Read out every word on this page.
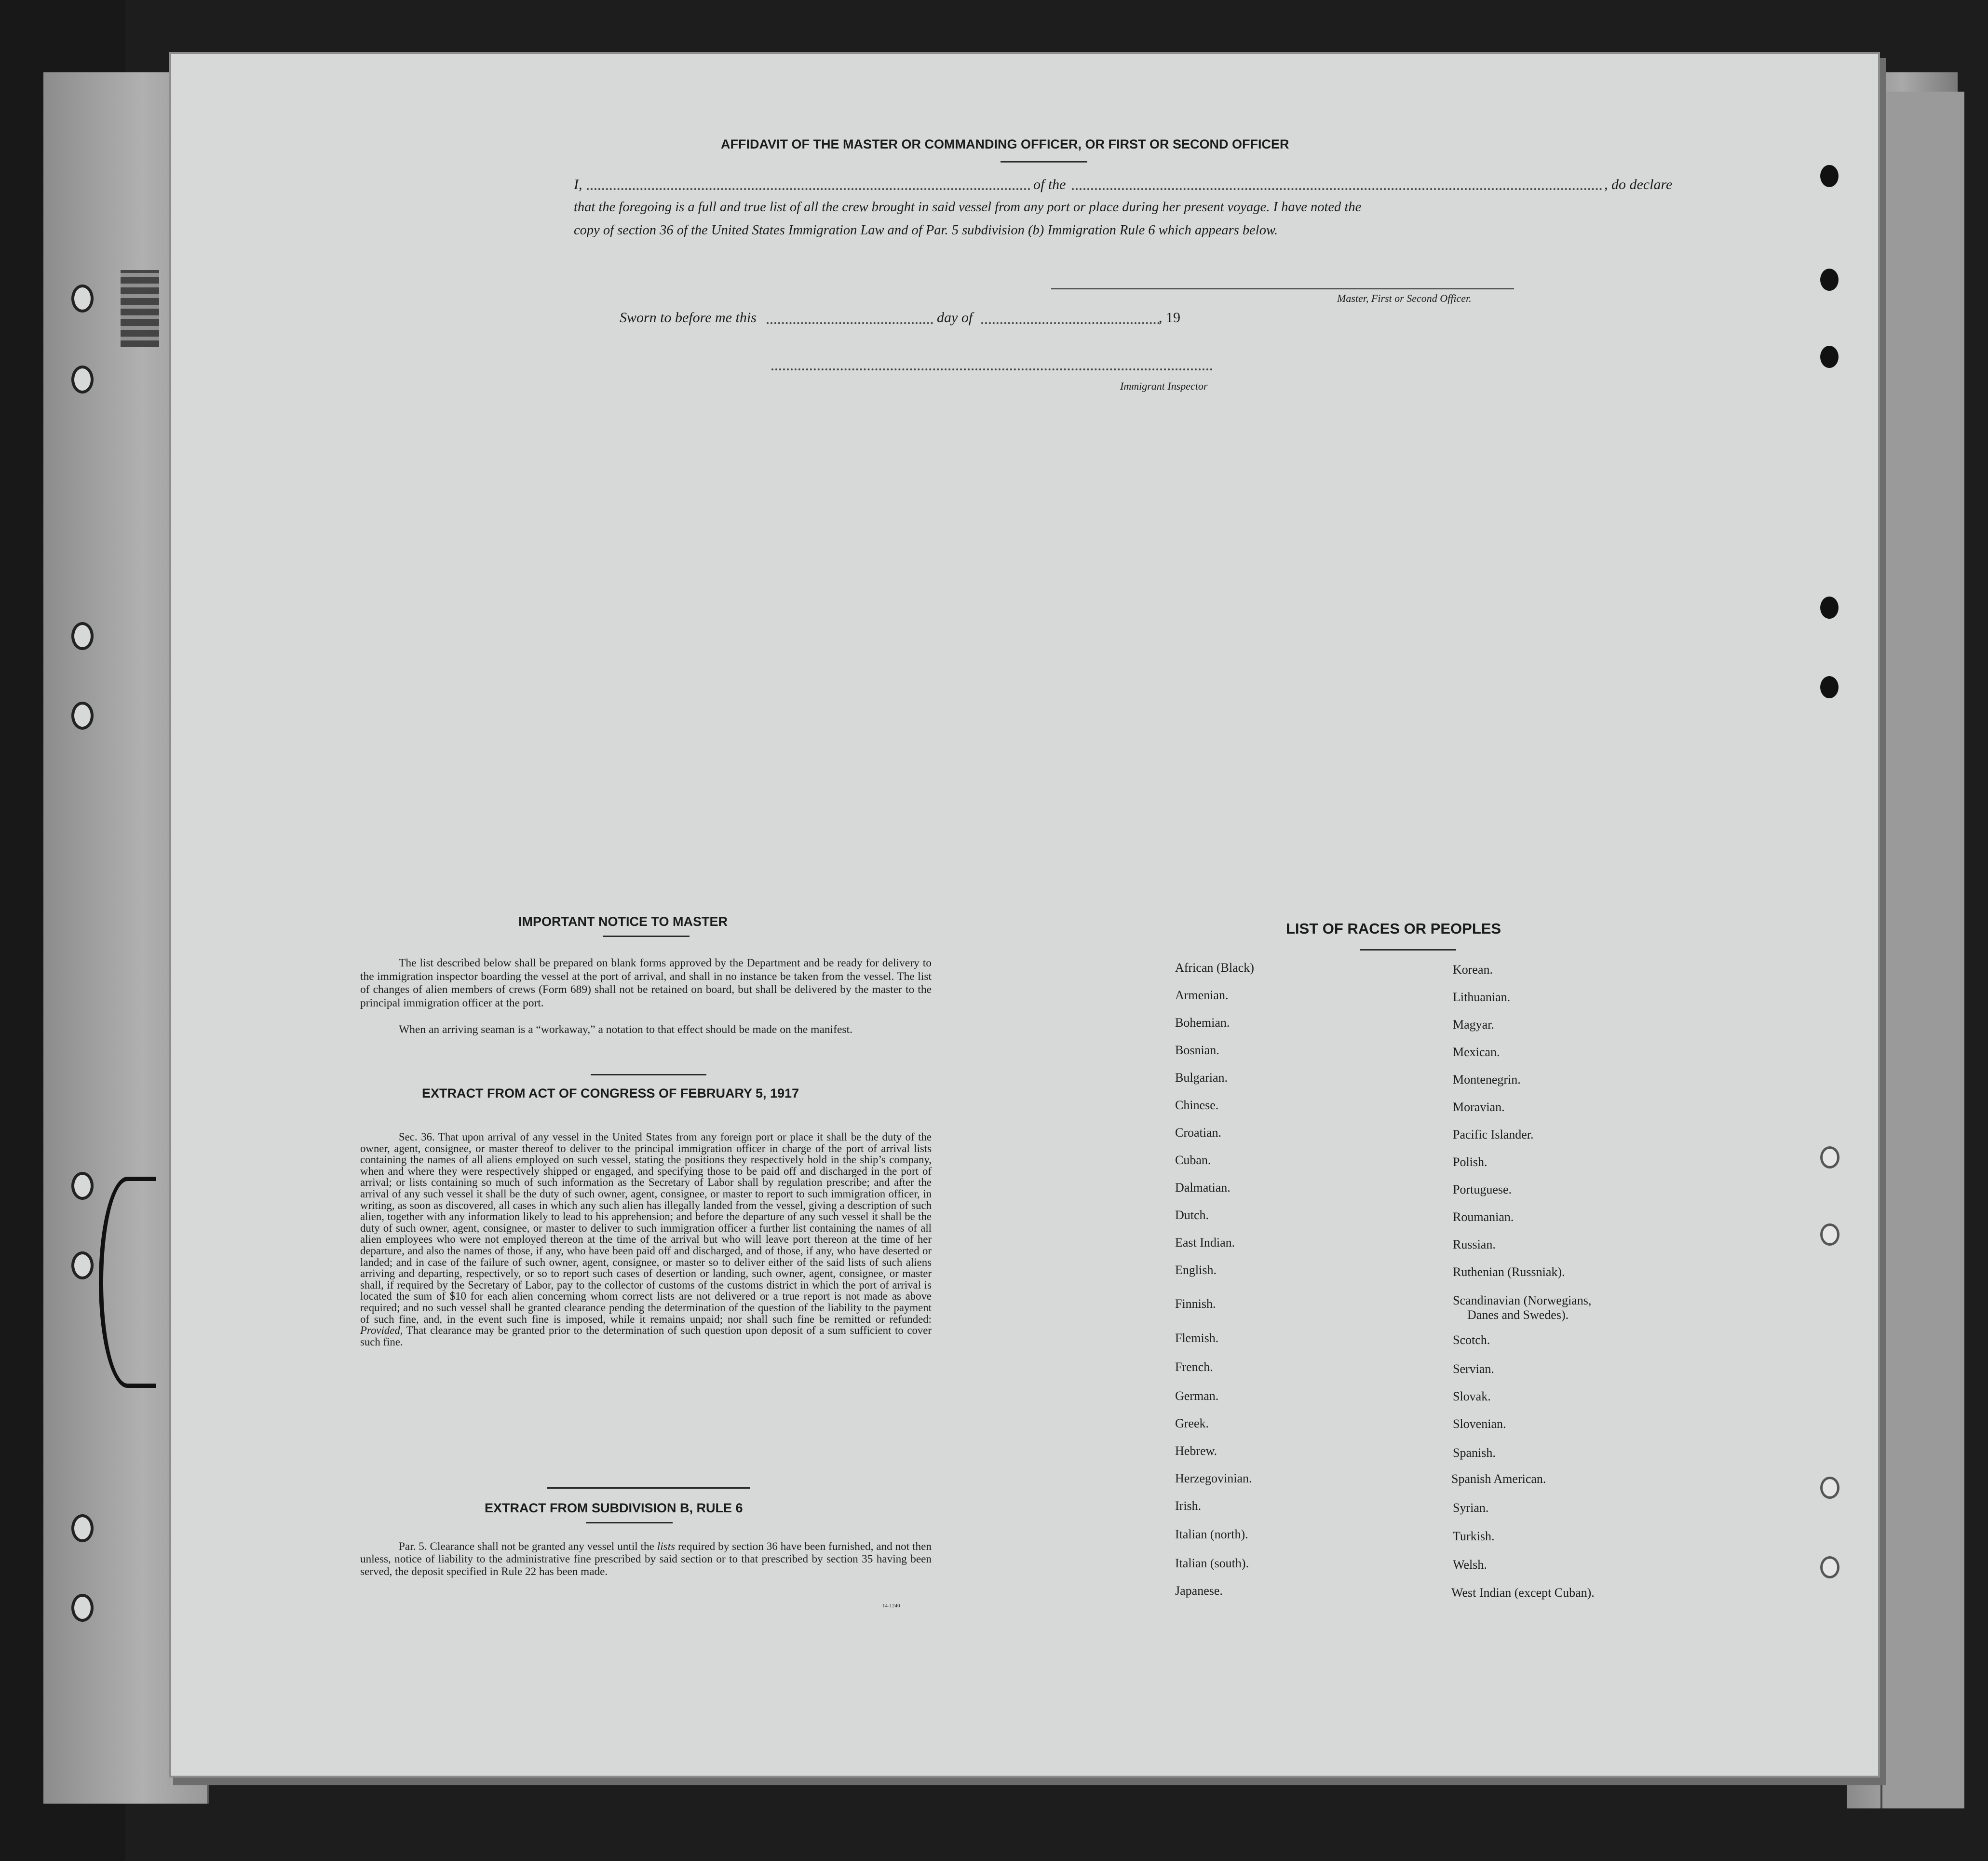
AFFIDAVIT OF THE MASTER OR COMMANDING OFFICER, OR FIRST OR SECOND OFFICER
I,	of the	, do declare
that the foregoing is a full and true list of all the crew brought in said vessel from any port or place during her present voyage. I have noted the
copy of section 36 of the United States Immigration Law and of Par. 5 subdivision (b) Immigration Rule 6 which appears below.
Master, First or Second Officer.
Sworn to before me this	day of	, 19
Immigrant Inspector
IMPORTANT NOTICE TO MASTER
The list described below shall be prepared on blank forms approved by the Department and be ready for delivery to the immigration inspector boarding the vessel at the port of arrival, and shall in no instance be taken from the vessel. The list of changes of alien members of crews (Form 689) shall not be retained on board, but shall be delivered by the master to the principal immigration officer at the port.
When an arriving seaman is a “workaway,” a notation to that effect should be made on the manifest.
EXTRACT FROM ACT OF CONGRESS OF FEBRUARY 5, 1917
Sec. 36. That upon arrival of any vessel in the United States from any foreign port or place it shall be the duty of the owner, agent, consignee, or master thereof to deliver to the principal immigration officer in charge of the port of arrival lists containing the names of all aliens employed on such vessel, stating the positions they respectively hold in the ship’s company, when and where they were respectively shipped or engaged, and specifying those to be paid off and discharged in the port of arrival; or lists containing so much of such information as the Secretary of Labor shall by regulation prescribe; and after the arrival of any such vessel it shall be the duty of such owner, agent, consignee, or master to report to such immigration officer, in writing, as soon as discovered, all cases in which any such alien has illegally landed from the vessel, giving a description of such alien, together with any information likely to lead to his apprehension; and before the departure of any such vessel it shall be the duty of such owner, agent, consignee, or master to deliver to such immigration officer a further list containing the names of all alien employees who were not employed thereon at the time of the arrival but who will leave port thereon at the time of her departure, and also the names of those, if any, who have been paid off and discharged, and of those, if any, who have deserted or landed; and in case of the failure of such owner, agent, consignee, or master so to deliver either of the said lists of such aliens arriving and departing, respectively, or so to report such cases of desertion or landing, such owner, agent, consignee, or master shall, if required by the Secretary of Labor, pay to the collector of customs of the customs district in which the port of arrival is located the sum of $10 for each alien concerning whom correct lists are not delivered or a true report is not made as above required; and no such vessel shall be granted clearance pending the determination of the question of the liability to the payment of such fine, and, in the event such fine is imposed, while it remains unpaid; nor shall such fine be remitted or refunded: Provided, That clearance may be granted prior to the determination of such question upon deposit of a sum sufficient to cover such fine.
EXTRACT FROM SUBDIVISION B, RULE 6
Par. 5. Clearance shall not be granted any vessel until the lists required by section 36 have been furnished, and not then unless, notice of liability to the administrative fine prescribed by said section or to that prescribed by section 35 having been served, the deposit specified in Rule 22 has been made.
14-1240
LIST OF RACES OR PEOPLES
African (Black)
Armenian.
Bohemian.
Bosnian.
Bulgarian.
Chinese.
Croatian.
Cuban.
Dalmatian.
Dutch.
East Indian.
English.
Finnish.
Flemish.
French.
German.
Greek.
Hebrew.
Herzegovinian.
Irish.
Italian (north).
Italian (south).
Japanese.
Korean.
Lithuanian.
Magyar.
Mexican.
Montenegrin.
Moravian.
Pacific Islander.
Polish.
Portuguese.
Roumanian.
Russian.
Ruthenian (Russniak).
Scandinavian (Norwegians,
Danes and Swedes).
Scotch.
Servian.
Slovak.
Slovenian.
Spanish.
Spanish American.
Syrian.
Turkish.
Welsh.
West Indian (except Cuban).
